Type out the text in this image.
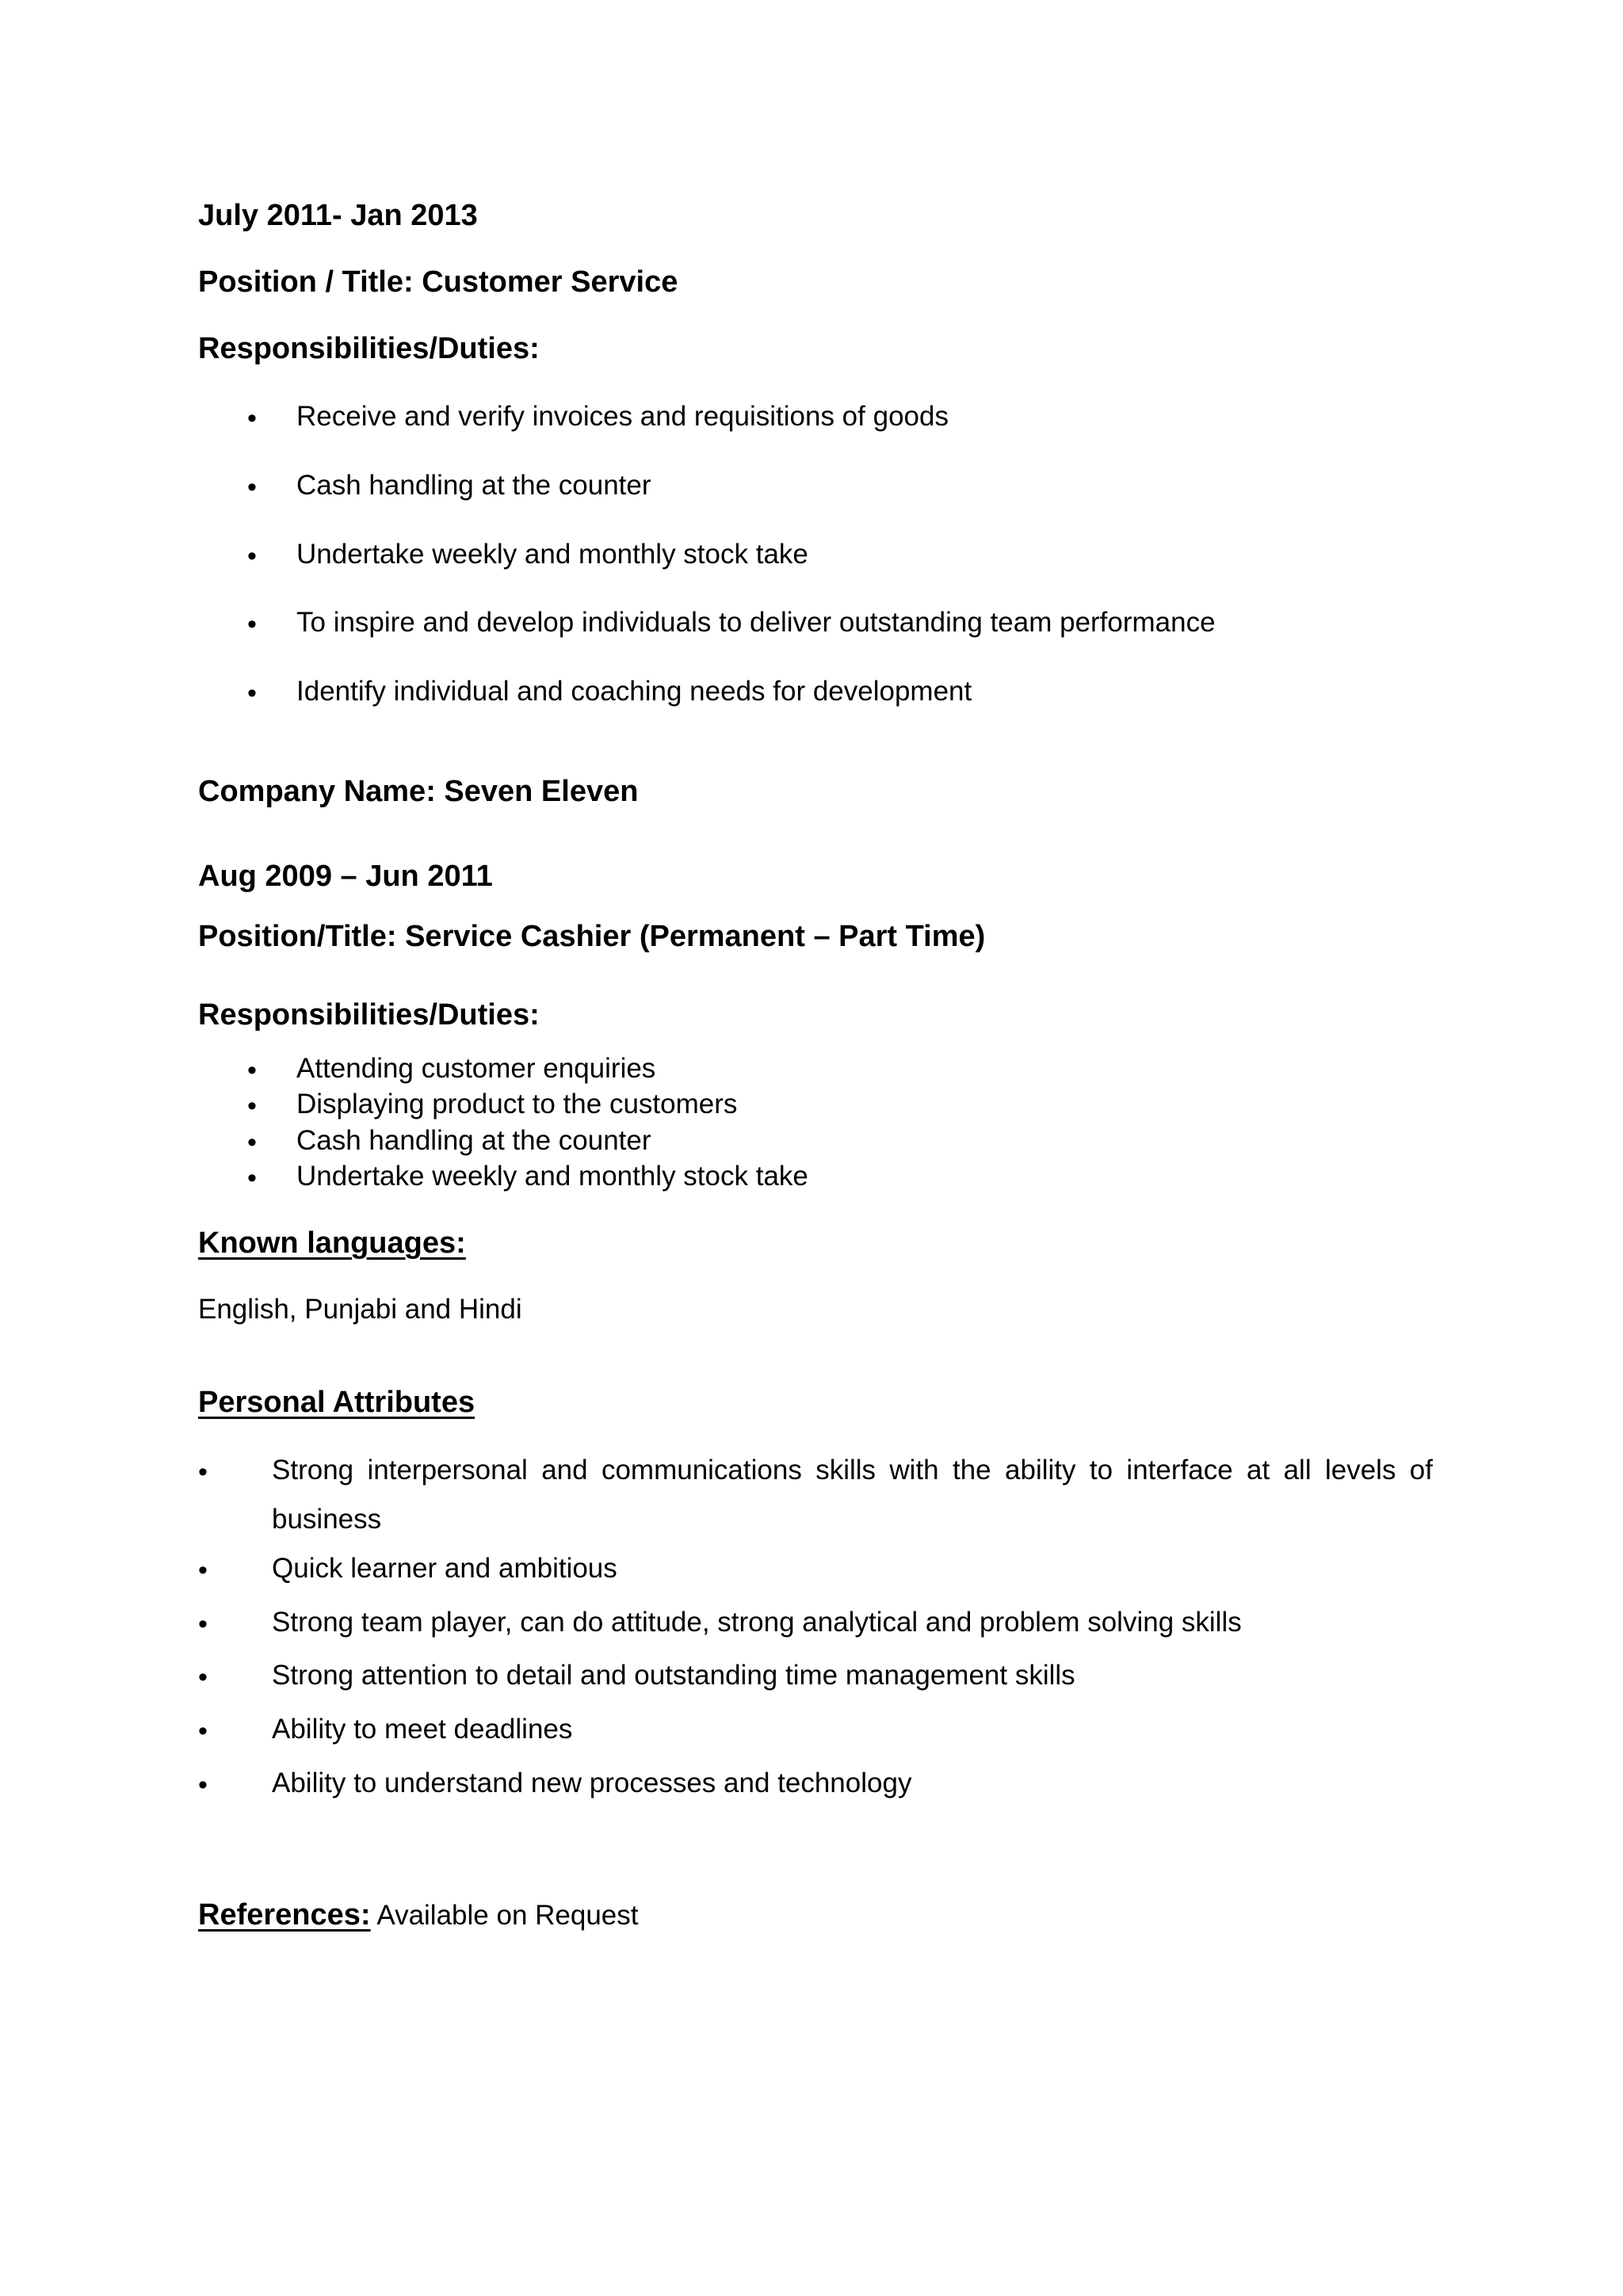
July 2011- Jan 2013
Position / Title: Customer Service
Responsibilities/Duties:
• Receive and verify invoices and requisitions of goods
• Cash handling at the counter
• Undertake weekly and monthly stock take
• To inspire and develop individuals to deliver outstanding team performance
• Identify individual and coaching needs for development
Company Name: Seven Eleven
Aug 2009 – Jun 2011
Position/Title: Service Cashier (Permanent – Part Time)
Responsibilities/Duties:
• Attending customer enquiries
• Displaying product to the customers
• Cash handling at the counter
• Undertake weekly and monthly stock take
Known languages:
English, Punjabi and Hindi
Personal Attributes
• Strong interpersonal and communications skills with the ability to interface at all levels of
business
• Quick learner and ambitious
• Strong team player, can do attitude, strong analytical and problem solving skills
• Strong attention to detail and outstanding time management skills
• Ability to meet deadlines
• Ability to understand new processes and technology
References: Available on Request
